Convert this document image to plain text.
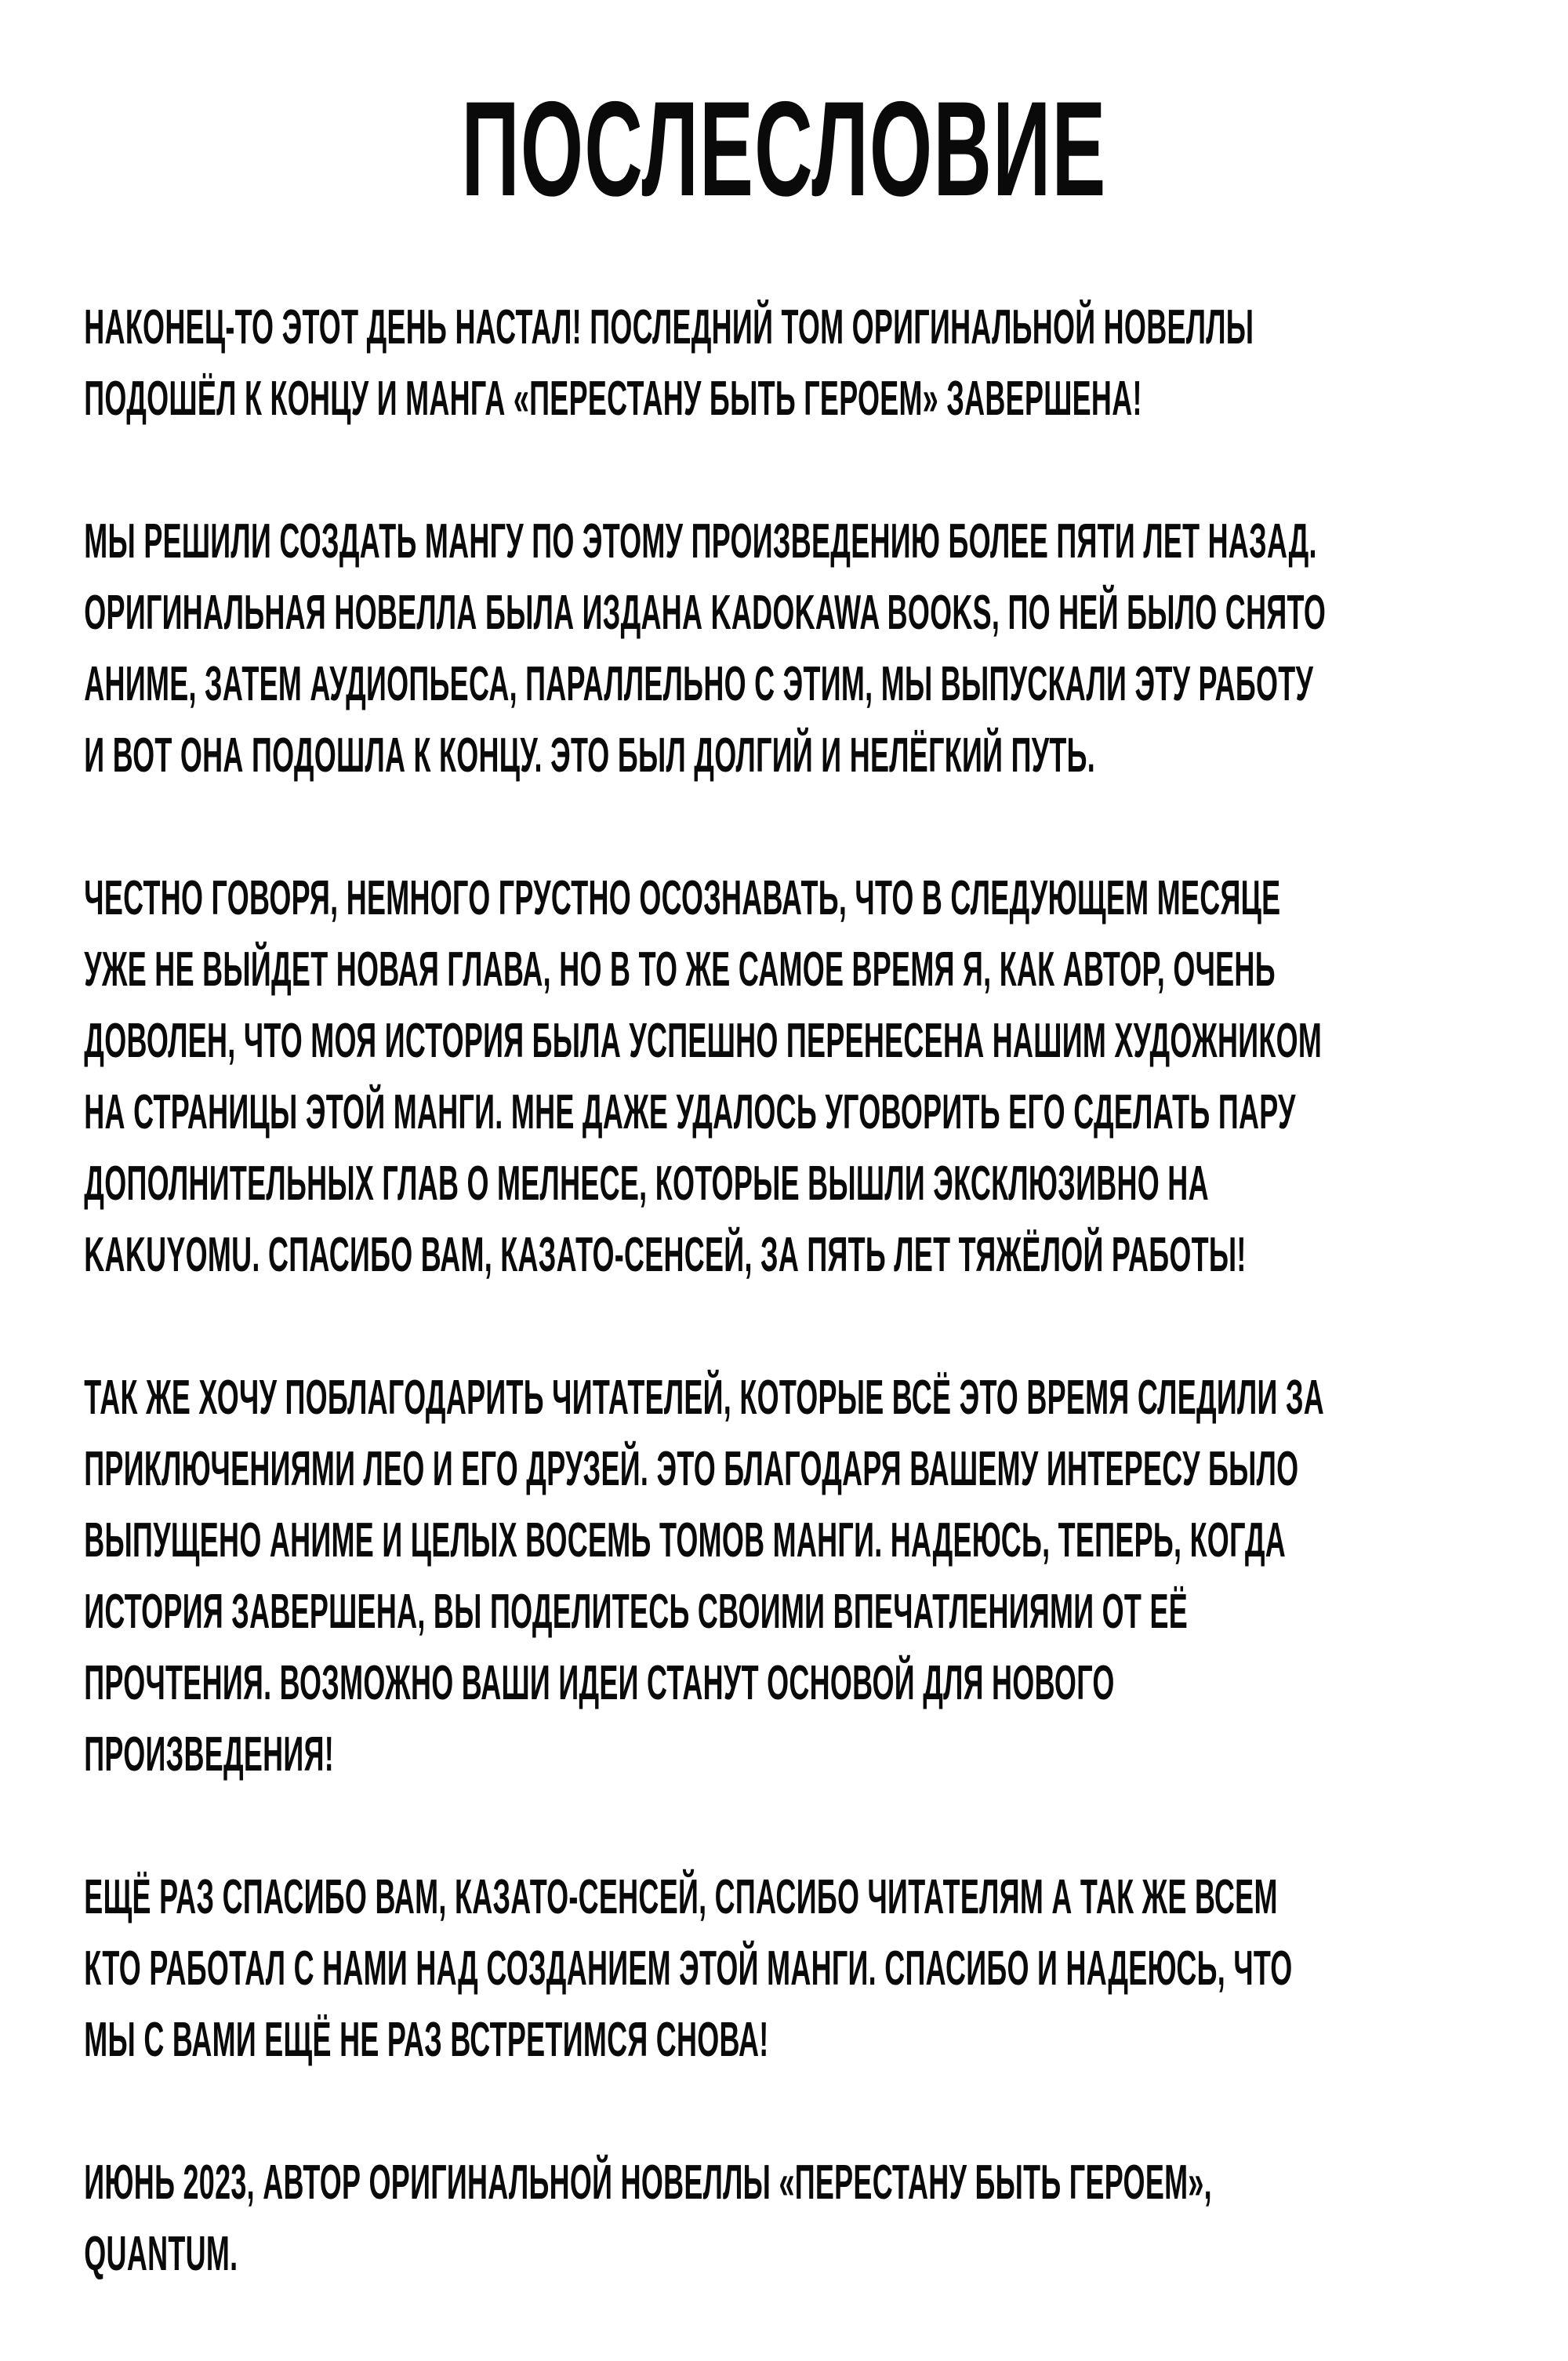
ПОСЛЕСЛОВИЕ

НАКОНЕЦ-ТО ЭТОТ ДЕНЬ НАСТАЛ! ПОСЛЕДНИЙ ТОМ ОРИГИНАЛЬНОЙ НОВЕЛЛЫ
ПОДОШЁЛ К КОНЦУ И МАНГА «ПЕРЕСТАНУ БЫТЬ ГЕРОЕМ» ЗАВЕРШЕНА!

МЫ РЕШИЛИ СОЗДАТЬ МАНГУ ПО ЭТОМУ ПРОИЗВЕДЕНИЮ БОЛЕЕ ПЯТИ ЛЕТ НАЗАД.
ОРИГИНАЛЬНАЯ НОВЕЛЛА БЫЛА ИЗДАНА KADOKAWA BOOKS, ПО НЕЙ БЫЛО СНЯТО
АНИМЕ, ЗАТЕМ АУДИОПЬЕСА, ПАРАЛЛЕЛЬНО С ЭТИМ, МЫ ВЫПУСКАЛИ ЭТУ РАБОТУ
И ВОТ ОНА ПОДОШЛА К КОНЦУ. ЭТО БЫЛ ДОЛГИЙ И НЕЛЁГКИЙ ПУТЬ.

ЧЕСТНО ГОВОРЯ, НЕМНОГО ГРУСТНО ОСОЗНАВАТЬ, ЧТО В СЛЕДУЮЩЕМ МЕСЯЦЕ
УЖЕ НЕ ВЫЙДЕТ НОВАЯ ГЛАВА, НО В ТО ЖЕ САМОЕ ВРЕМЯ Я, КАК АВТОР, ОЧЕНЬ
ДОВОЛЕН, ЧТО МОЯ ИСТОРИЯ БЫЛА УСПЕШНО ПЕРЕНЕСЕНА НАШИМ ХУДОЖНИКОМ
НА СТРАНИЦЫ ЭТОЙ МАНГИ. МНЕ ДАЖЕ УДАЛОСЬ УГОВОРИТЬ ЕГО СДЕЛАТЬ ПАРУ
ДОПОЛНИТЕЛЬНЫХ ГЛАВ О МЕЛНЕСЕ, КОТОРЫЕ ВЫШЛИ ЭКСКЛЮЗИВНО НА
KAKUYOMU. СПАСИБО ВАМ, КАЗАТО-СЕНСЕЙ, ЗА ПЯТЬ ЛЕТ ТЯЖЁЛОЙ РАБОТЫ!

ТАК ЖЕ ХОЧУ ПОБЛАГОДАРИТЬ ЧИТАТЕЛЕЙ, КОТОРЫЕ ВСЁ ЭТО ВРЕМЯ СЛЕДИЛИ ЗА
ПРИКЛЮЧЕНИЯМИ ЛЕО И ЕГО ДРУЗЕЙ. ЭТО БЛАГОДАРЯ ВАШЕМУ ИНТЕРЕСУ БЫЛО
ВЫПУЩЕНО АНИМЕ И ЦЕЛЫХ ВОСЕМЬ ТОМОВ МАНГИ. НАДЕЮСЬ, ТЕПЕРЬ, КОГДА
ИСТОРИЯ ЗАВЕРШЕНА, ВЫ ПОДЕЛИТЕСЬ СВОИМИ ВПЕЧАТЛЕНИЯМИ ОТ ЕЁ
ПРОЧТЕНИЯ. ВОЗМОЖНО ВАШИ ИДЕИ СТАНУТ ОСНОВОЙ ДЛЯ НОВОГО
ПРОИЗВЕДЕНИЯ!

ЕЩЁ РАЗ СПАСИБО ВАМ, КАЗАТО-СЕНСЕЙ, СПАСИБО ЧИТАТЕЛЯМ А ТАК ЖЕ ВСЕМ
КТО РАБОТАЛ С НАМИ НАД СОЗДАНИЕМ ЭТОЙ МАНГИ. СПАСИБО И НАДЕЮСЬ, ЧТО
МЫ С ВАМИ ЕЩЁ НЕ РАЗ ВСТРЕТИМСЯ СНОВА!

ИЮНЬ 2023, АВТОР ОРИГИНАЛЬНОЙ НОВЕЛЛЫ «ПЕРЕСТАНУ БЫТЬ ГЕРОЕМ»,
QUANTUM.
